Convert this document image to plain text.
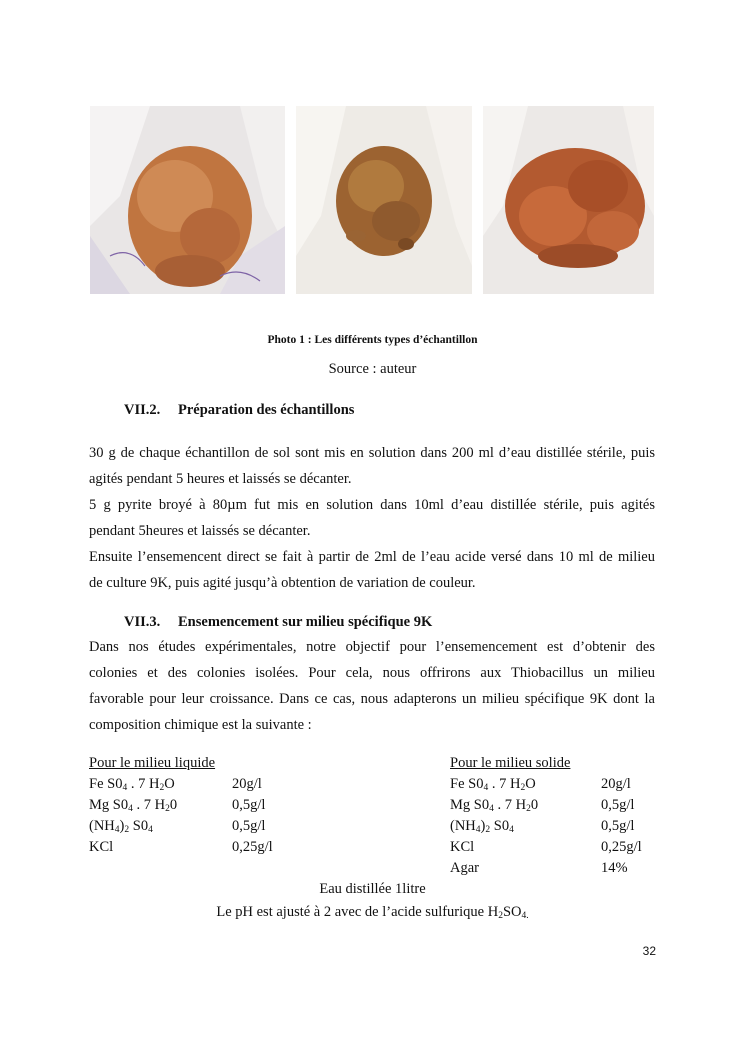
Photo 1 : Les différents types d’échantillon
Source : auteur
VII.2. Préparation des échantillons
30 g de chaque échantillon de sol sont mis en solution dans 200 ml d’eau distillée stérile, puis
agités pendant 5 heures et laissés se décanter.
5 g pyrite broyé à 80µm fut mis en solution dans 10ml d’eau distillée stérile, puis agités
pendant 5heures et laissés se décanter.
Ensuite l’ensemencent direct se fait à partir de 2ml de l’eau acide versé dans 10 ml de milieu
de culture 9K, puis agité jusqu’à obtention de variation de couleur.
VII.3. Ensemencement sur milieu spécifique 9K
Dans nos études expérimentales, notre objectif pour l’ensemencement est d’obtenir des
colonies et des colonies isolées. Pour cela, nous offrirons aux Thiobacillus un milieu
favorable pour leur croissance. Dans ce cas, nous adapterons un milieu spécifique 9K dont la
composition chimique est la suivante :
Pour le milieu liquide
Fe $S0_4$ . 7 $H_2O$
Mg $S0_4$ . 7 $H_20$
$(NH_4)_2$ $S0_4$
KCl
20g/l
0,5g/l
0,5g/l
0,25g/l
Pour le milieu solide
Fe $S0_4$ . 7 $H_2O$
Mg $S0_4$ . 7 $H_20$
$(NH_4)_2$ $S0_4$
KCl
Agar
20g/l
0,5g/l
0,5g/l
0,25g/l
14%
Eau distillée 1litre
Le pH est ajusté à 2 avec de l’acide sulfurique $H_2SO_{4.}$
32
